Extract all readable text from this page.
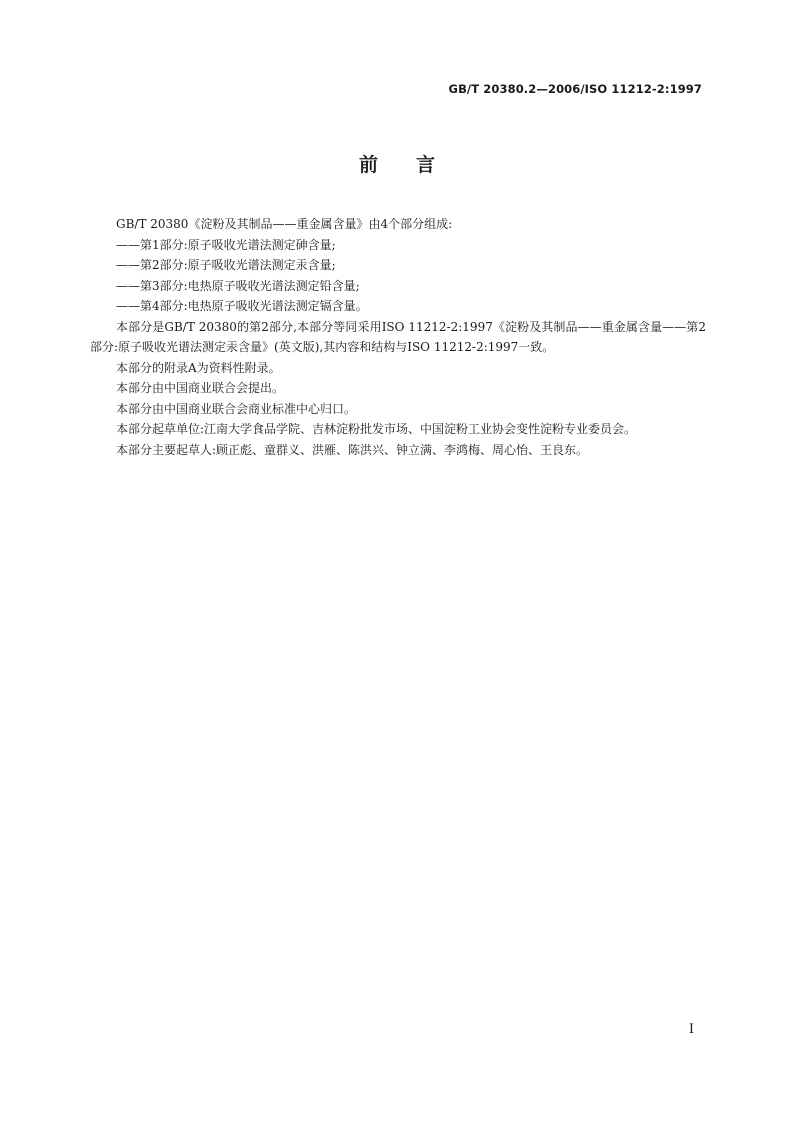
GB/T 20380.2—2006/ISO 11212-2:1997
前言

GB/T 20380《淀粉及其制品——重金属含量》由4个部分组成:

——第1部分:原子吸收光谱法测定砷含量;

——第2部分:原子吸收光谱法测定汞含量;

——第3部分:电热原子吸收光谱法测定铅含量;

——第4部分:电热原子吸收光谱法测定镉含量。

本部分是GB/T 20380的第2部分,本部分等同采用ISO 11212-2:1997《淀粉及其制品——重金属含量——第2部分:原子吸收光谱法测定汞含量》(英文版),其内容和结构与ISO 11212-2:1997一致。

本部分的附录A为资料性附录。

本部分由中国商业联合会提出。

本部分由中国商业联合会商业标准中心归口。

本部分起草单位:江南大学食品学院、吉林淀粉批发市场、中国淀粉工业协会变性淀粉专业委员会。

本部分主要起草人:顾正彪、童群义、洪雁、陈洪兴、钟立满、李鸿梅、周心怡、王良东。

I
